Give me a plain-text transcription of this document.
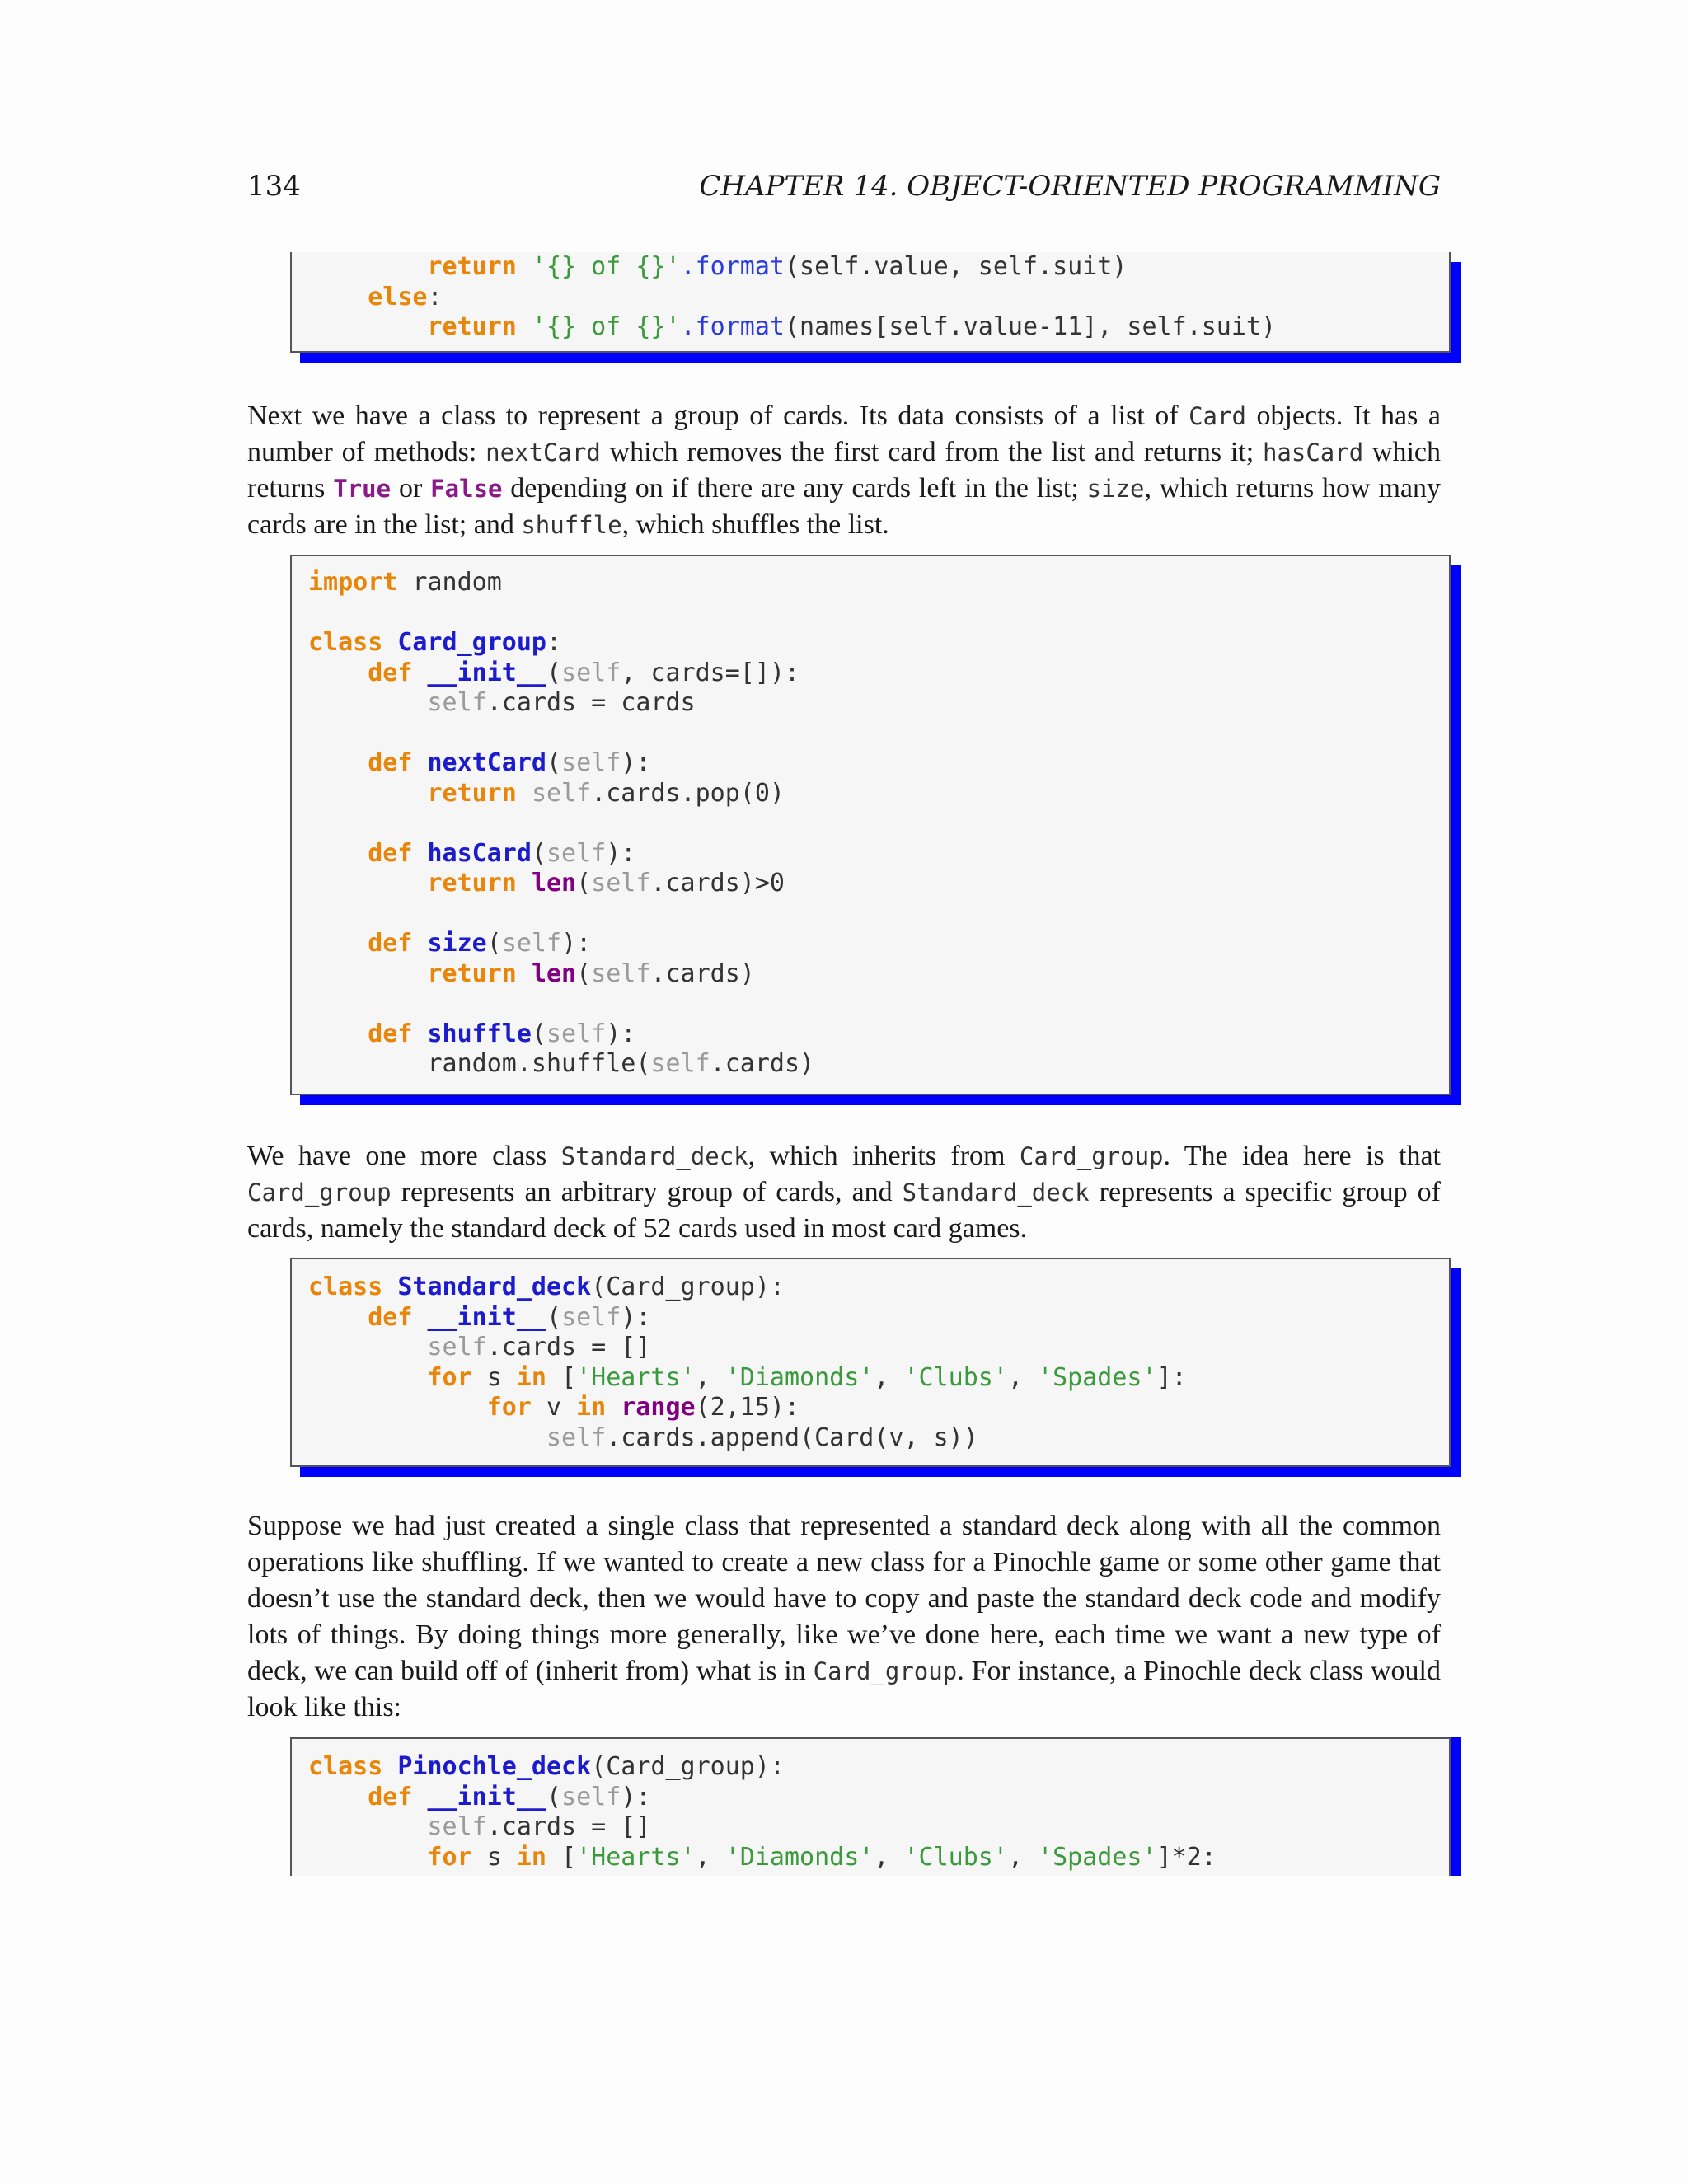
134	CHAPTER 14. OBJECT-ORIENTED PROGRAMMING
return '{} of {}'.format(self.value, self.suit)
else:
return '{} of {}'.format(names[self.value-11], self.suit)

Next we have a class to represent a group of cards. Its data consists of a list of Card objects. It has a number of methods: nextCard which removes the first card from the list and returns it; hasCard which returns True or False depending on if there are any cards left in the list; size, which returns how many cards are in the list; and shuffle, which shuffles the list.

import random

class Card_group:
def __init__(self, cards=[]):
self.cards = cards

def nextCard(self):
return self.cards.pop(0)

def hasCard(self):
return len(self.cards)>0

def size(self):
return len(self.cards)

def shuffle(self):
random.shuffle(self.cards)

We have one more class Standard_deck, which inherits from Card_group. The idea here is that Card_group represents an arbitrary group of cards, and Standard_deck represents a specific group of cards, namely the standard deck of 52 cards used in most card games.

class Standard_deck(Card_group):
def __init__(self):
self.cards = []
for s in ['Hearts', 'Diamonds', 'Clubs', 'Spades']:
for v in range(2,15):
self.cards.append(Card(v, s))

Suppose we had just created a single class that represented a standard deck along with all the common operations like shuffling. If we wanted to create a new class for a Pinochle game or some other game that doesn’t use the standard deck, then we would have to copy and paste the standard deck code and modify lots of things. By doing things more generally, like we’ve done here, each time we want a new type of deck, we can build off of (inherit from) what is in Card_group. For instance, a Pinochle deck class would look like this:

class Pinochle_deck(Card_group):
def __init__(self):
self.cards = []
for s in ['Hearts', 'Diamonds', 'Clubs', 'Spades']*2:
